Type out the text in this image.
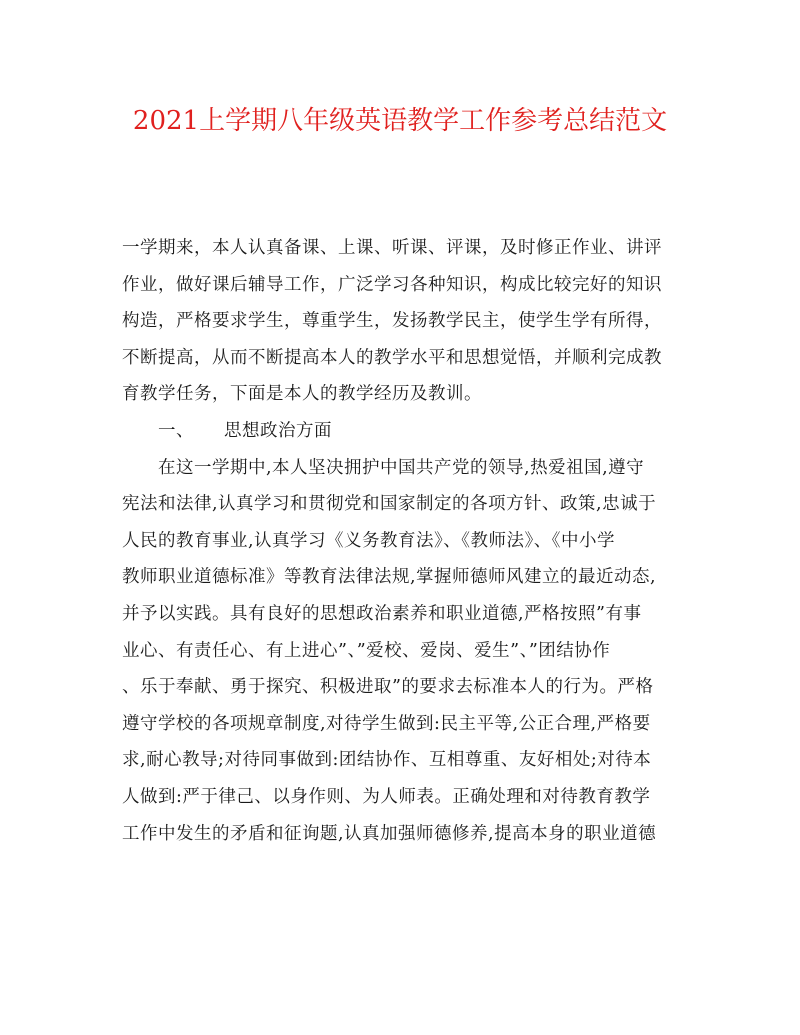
2021上学期八年级英语教学工作参考总结范文
一学期来，本人认真备课、上课、听课、评课，及时修正作业、讲评
作业，做好课后辅导工作，广泛学习各种知识，构成比较完好的知识
构造，严格要求学生，尊重学生，发扬教学民主，使学生学有所得，
不断提高，从而不断提高本人的教学水平和思想觉悟，并顺利完成教
育教学任务，下面是本人的教学经历及教训。
一、 思想政治方面
在这一学期中,本人坚决拥护中国共产党的领导,热爱祖国,遵守
宪法和法律,认真学习和贯彻党和国家制定的各项方针、政策,忠诚于
人民的教育事业,认真学习《义务教育法》、《教师法》、《中小学
教师职业道德标准》等教育法律法规,掌握师德师风建立的最近动态,
并予以实践。具有良好的思想政治素养和职业道德,严格按照”有事
业心、有责任心、有上进心”、”爱校、爱岗、爱生”、”团结协作
、乐于奉献、勇于探究、积极进取”的要求去标准本人的行为。严格
遵守学校的各项规章制度,对待学生做到:民主平等,公正合理,严格要
求,耐心教导;对待同事做到:团结协作、互相尊重、友好相处;对待本
人做到:严于律己、以身作则、为人师表。正确处理和对待教育教学
工作中发生的矛盾和征询题,认真加强师德修养,提高本身的职业道德
